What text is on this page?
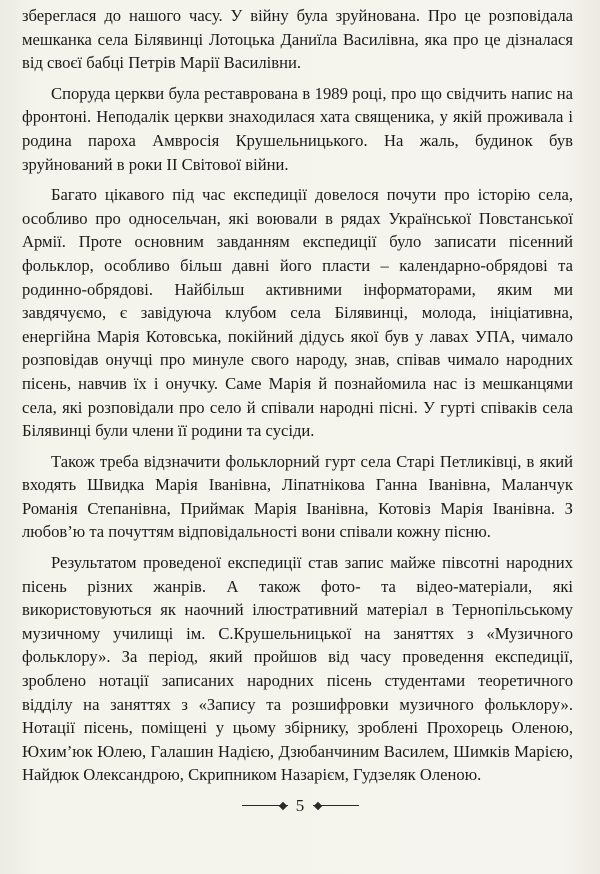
збереглася до нашого часу. У війну була зруйнована. Про це розповідала мешканка села Білявинці Лотоцька Даниїла Василівна, яка про це дізналася від своєї бабці Петрів Марії Василівни.

Споруда церкви була реставрована в 1989 році, про що свідчить напис на фронтоні. Неподалік церкви знаходилася хата священика, у якій проживала і родина пароха Амвросія Крушельницького. На жаль, будинок був зруйнований в роки ІІ Світової війни.

Багато цікавого під час експедиції довелося почути про історію села, особливо про односельчан, які воювали в рядах Української Повстанської Армії. Проте основним завданням експедиції було записати пісенний фольклор, особливо більш давні його пласти – календарно-обрядові та родинно-обрядові. Найбільш активними інформаторами, яким ми завдячуємо, є завідуюча клубом села Білявинці, молода, ініціативна, енергійна Марія Котовська, покійний дідусь якої був у лавах УПА, чимало розповідав онучці про минуле свого народу, знав, співав чимало народних пісень, навчив їх і онучку. Саме Марія й познайомила нас із мешканцями села, які розповідали про село й співали народні пісні. У гуртi співаків села Білявинці були члени її родини та сусіди.

Також треба відзначити фольклорний гурт села Старі Петликівці, в який входять Швидка Марія Іванівна, Ліпатнікова Ганна Іванівна, Маланчук Романія Степанівна, Приймак Марія Іванівна, Котовіз Марія Іванівна. З любов’ю та почуттям відповідальності вони співали кожну пісню.

Результатом проведеної експедиції став запис майже півсотні народних пісень різних жанрів. А також фото- та відео-матеріали, які використовуються як наочний ілюстративний матеріал в Тернопільському музичному училищі ім. С.Крушельницької на заняттях з «Музичного фольклору». За період, який пройшов від часу проведення експедиції, зроблено нотації записаних народних пісень студентами теоретичного відділу на заняттях з «Запису та розшифровки музичного фольклору». Нотації пісень, поміщені у цьому збірнику, зроблені Прохорець Оленою, Юхим’юк Юлею, Галашин Надією, Дзюбанчиним Василем, Шимків Марією, Найдюк Олександрою, Скрипником Назарієм, Гудзеляк Оленою.

5
